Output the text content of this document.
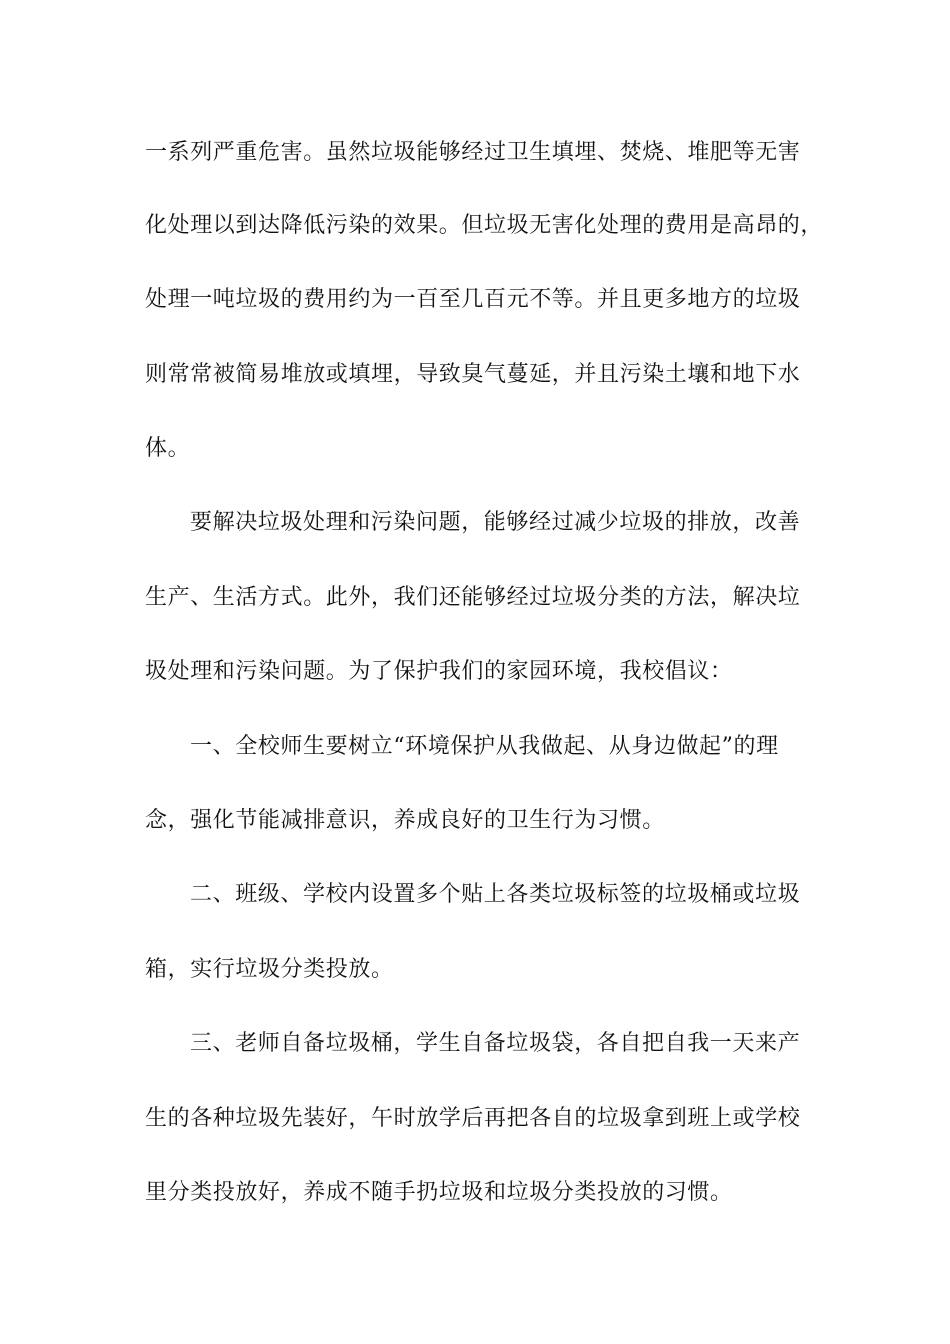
一系列严重危害。虽然垃圾能够经过卫生填埋、焚烧、堆肥等无害
化处理以到达降低污染的效果。但垃圾无害化处理的费用是高昂的，
处理一吨垃圾的费用约为一百至几百元不等。并且更多地方的垃圾
则常常被简易堆放或填埋，导致臭气蔓延，并且污染土壤和地下水
体。
要解决垃圾处理和污染问题，能够经过减少垃圾的排放，改善
生产、生活方式。此外，我们还能够经过垃圾分类的方法，解决垃
圾处理和污染问题。为了保护我们的家园环境，我校倡议：
一、全校师生要树立“环境保护从我做起、从身边做起”的理
念，强化节能减排意识，养成良好的卫生行为习惯。
二、班级、学校内设置多个贴上各类垃圾标签的垃圾桶或垃圾
箱，实行垃圾分类投放。
三、老师自备垃圾桶，学生自备垃圾袋，各自把自我一天来产
生的各种垃圾先装好，午时放学后再把各自的垃圾拿到班上或学校
里分类投放好，养成不随手扔垃圾和垃圾分类投放的习惯。
